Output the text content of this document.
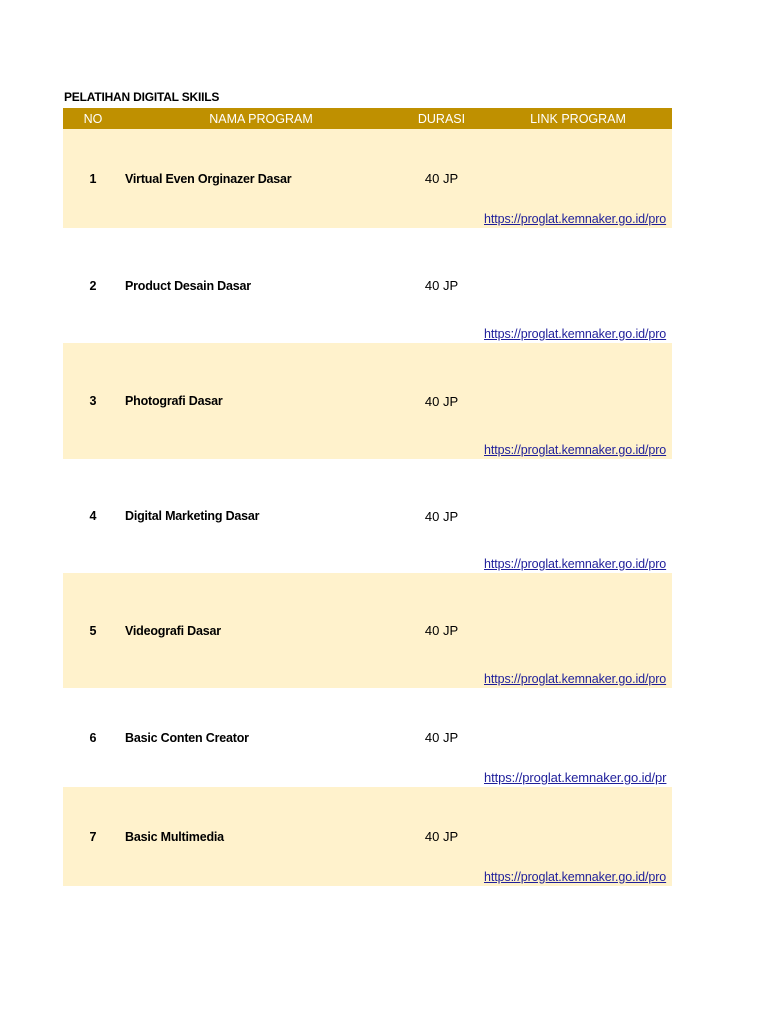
PELATIHAN DIGITAL SKIILS
NO	NAMA PROGRAM	DURASI	LINK PROGRAM
1	Virtual Even Orginazer Dasar	40 JP
https://proglat.kemnaker.go.id/pro
2	Product Desain Dasar	40 JP
https://proglat.kemnaker.go.id/pro
3	Photografi Dasar	40 JP
https://proglat.kemnaker.go.id/pro
4	Digital Marketing Dasar	40 JP
https://proglat.kemnaker.go.id/pro
5	Videografi Dasar	40 JP
https://proglat.kemnaker.go.id/pro
6	Basic Conten Creator	40 JP
https://proglat.kemnaker.go.id/pr
7	Basic Multimedia	40 JP
https://proglat.kemnaker.go.id/pro
